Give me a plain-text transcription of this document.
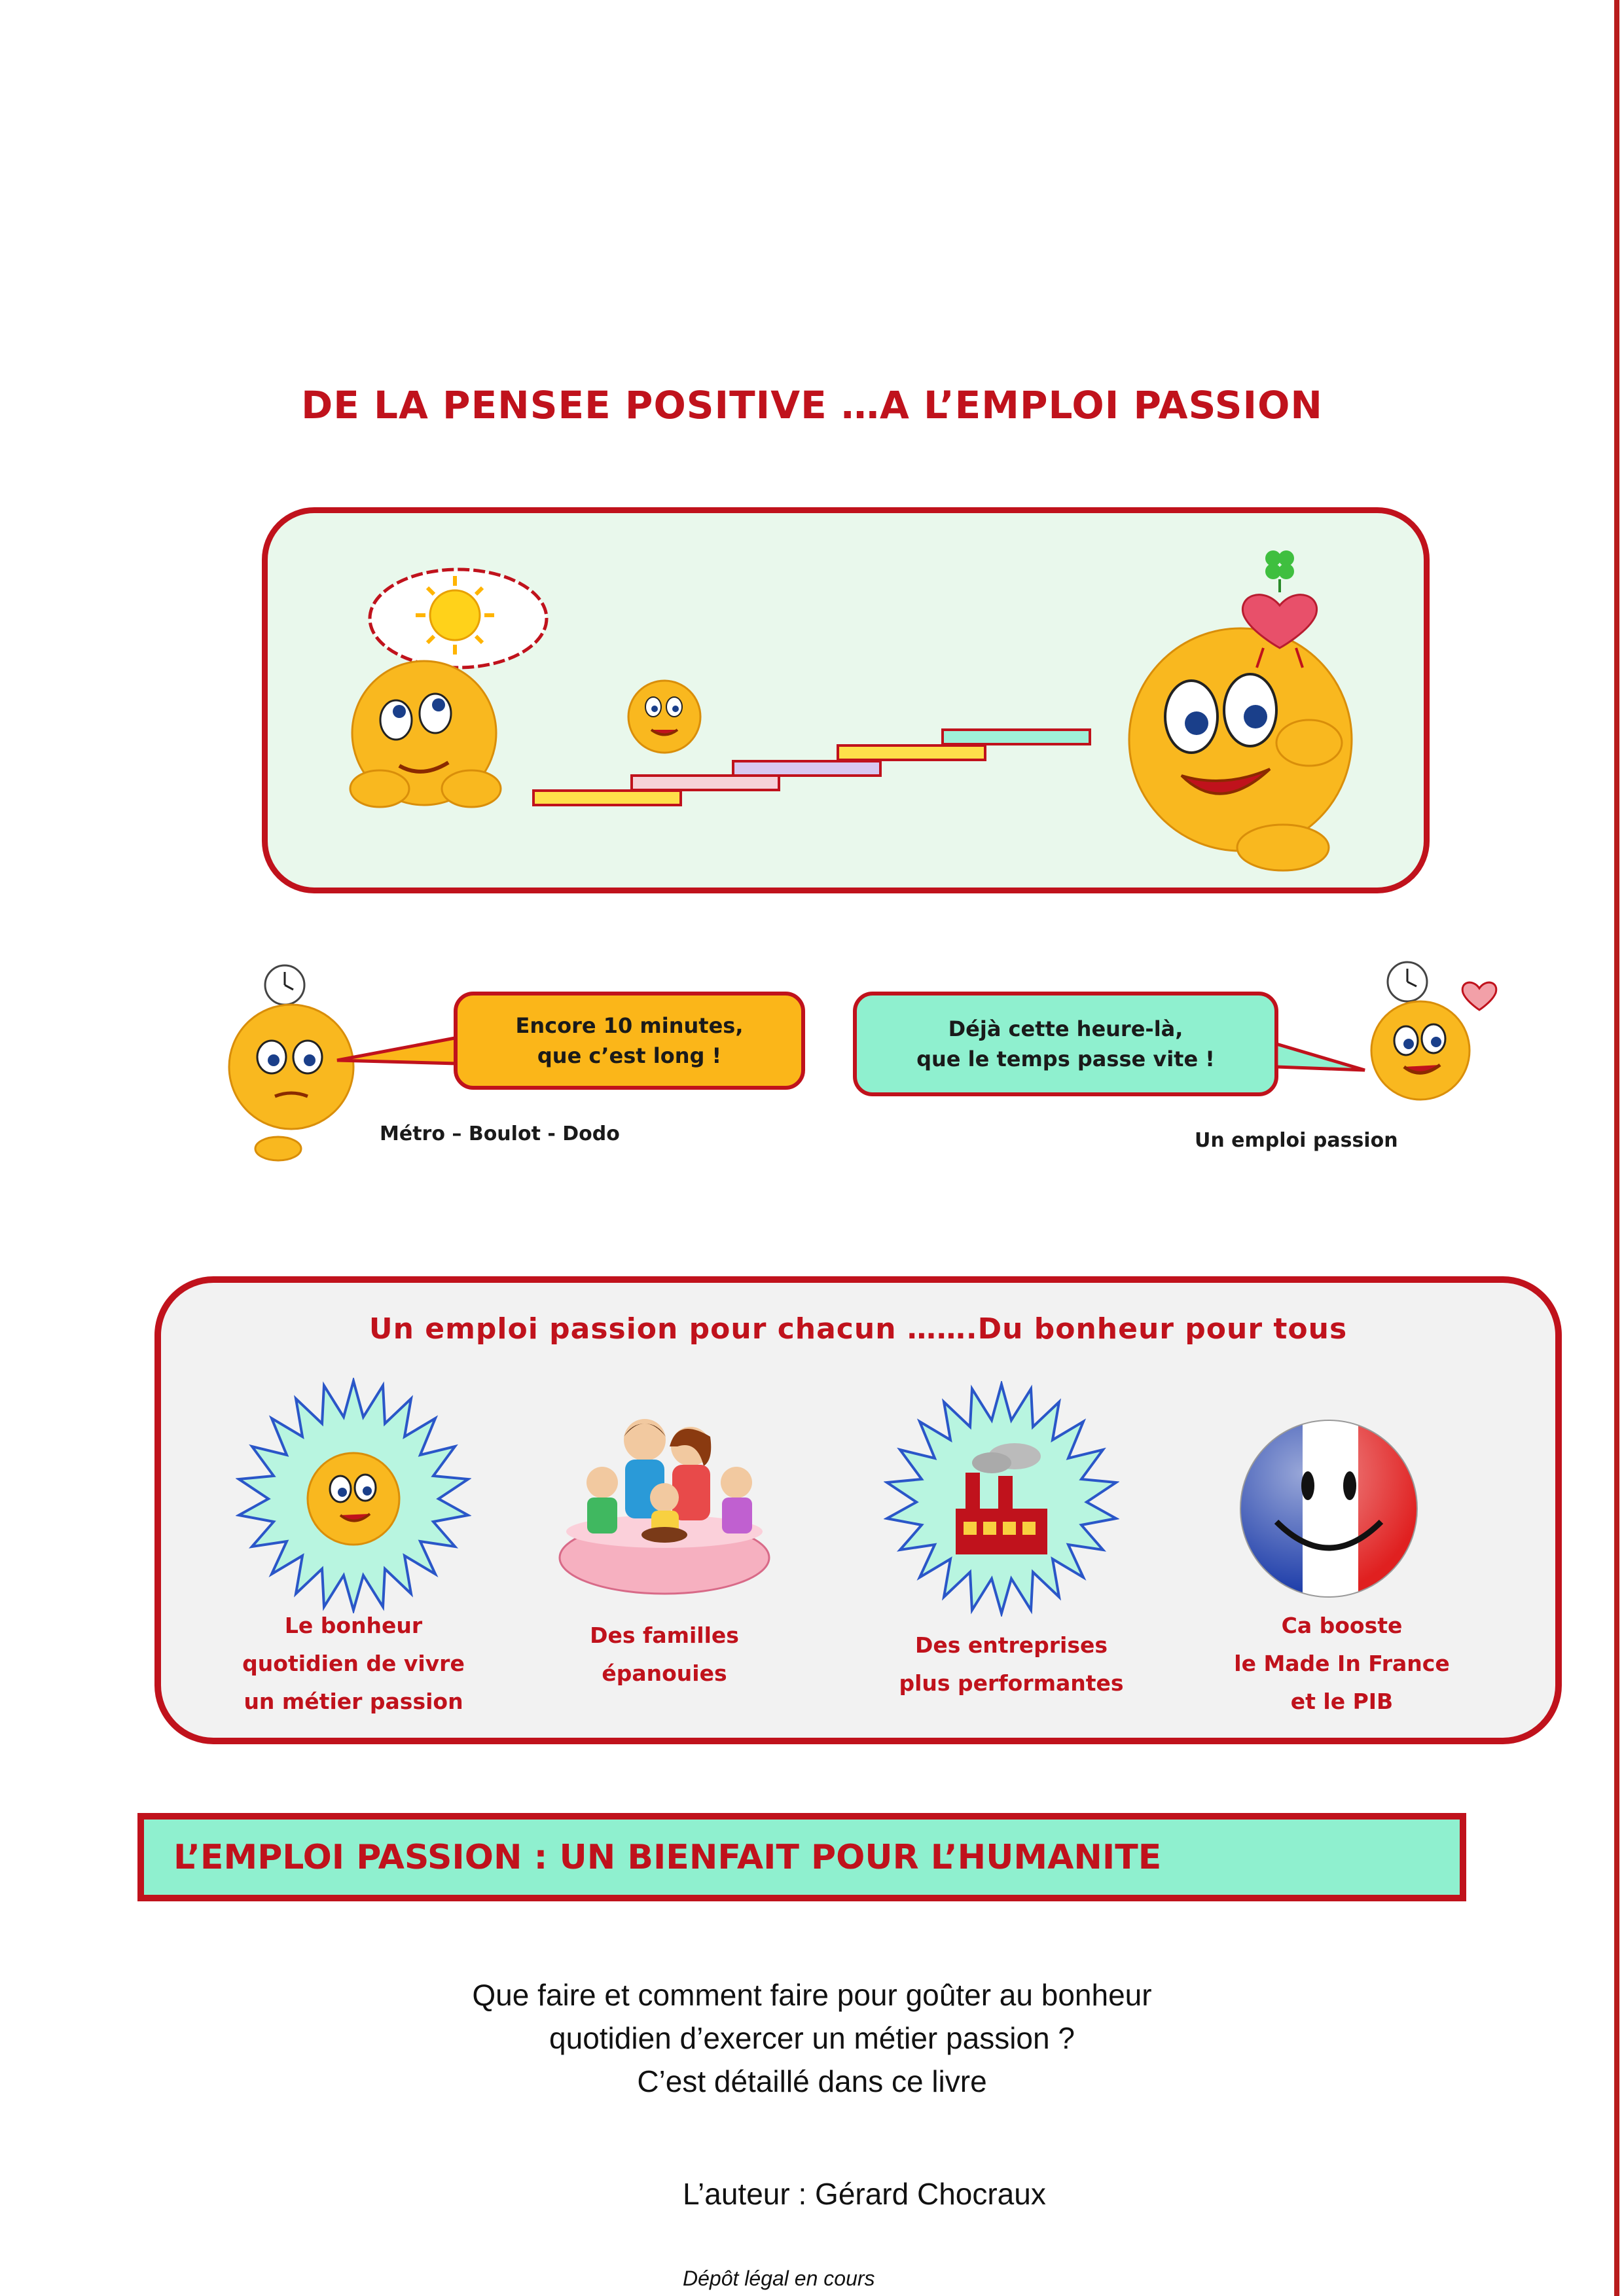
DE LA PENSEE POSITIVE …A L’EMPLOI PASSION
Encore 10 minutes,
que c’est long !
Métro – Boulot - Dodo
Déjà cette heure-là,
que le temps passe vite !
Un emploi passion
Un emploi passion pour chacun …….Du bonheur pour tous
Le bonheur
quotidien de vivre
un métier passion
Des familles
épanouies
Des entreprises
plus performantes
Ca booste
le Made In France
et le PIB
L’EMPLOI PASSION : UN BIENFAIT POUR L’HUMANITE
Que faire et comment faire pour goûter au bonheur
quotidien d’exercer un métier passion ?
C’est détaillé dans ce livre
L’auteur : Gérard Chocraux
Dépôt légal en cours
